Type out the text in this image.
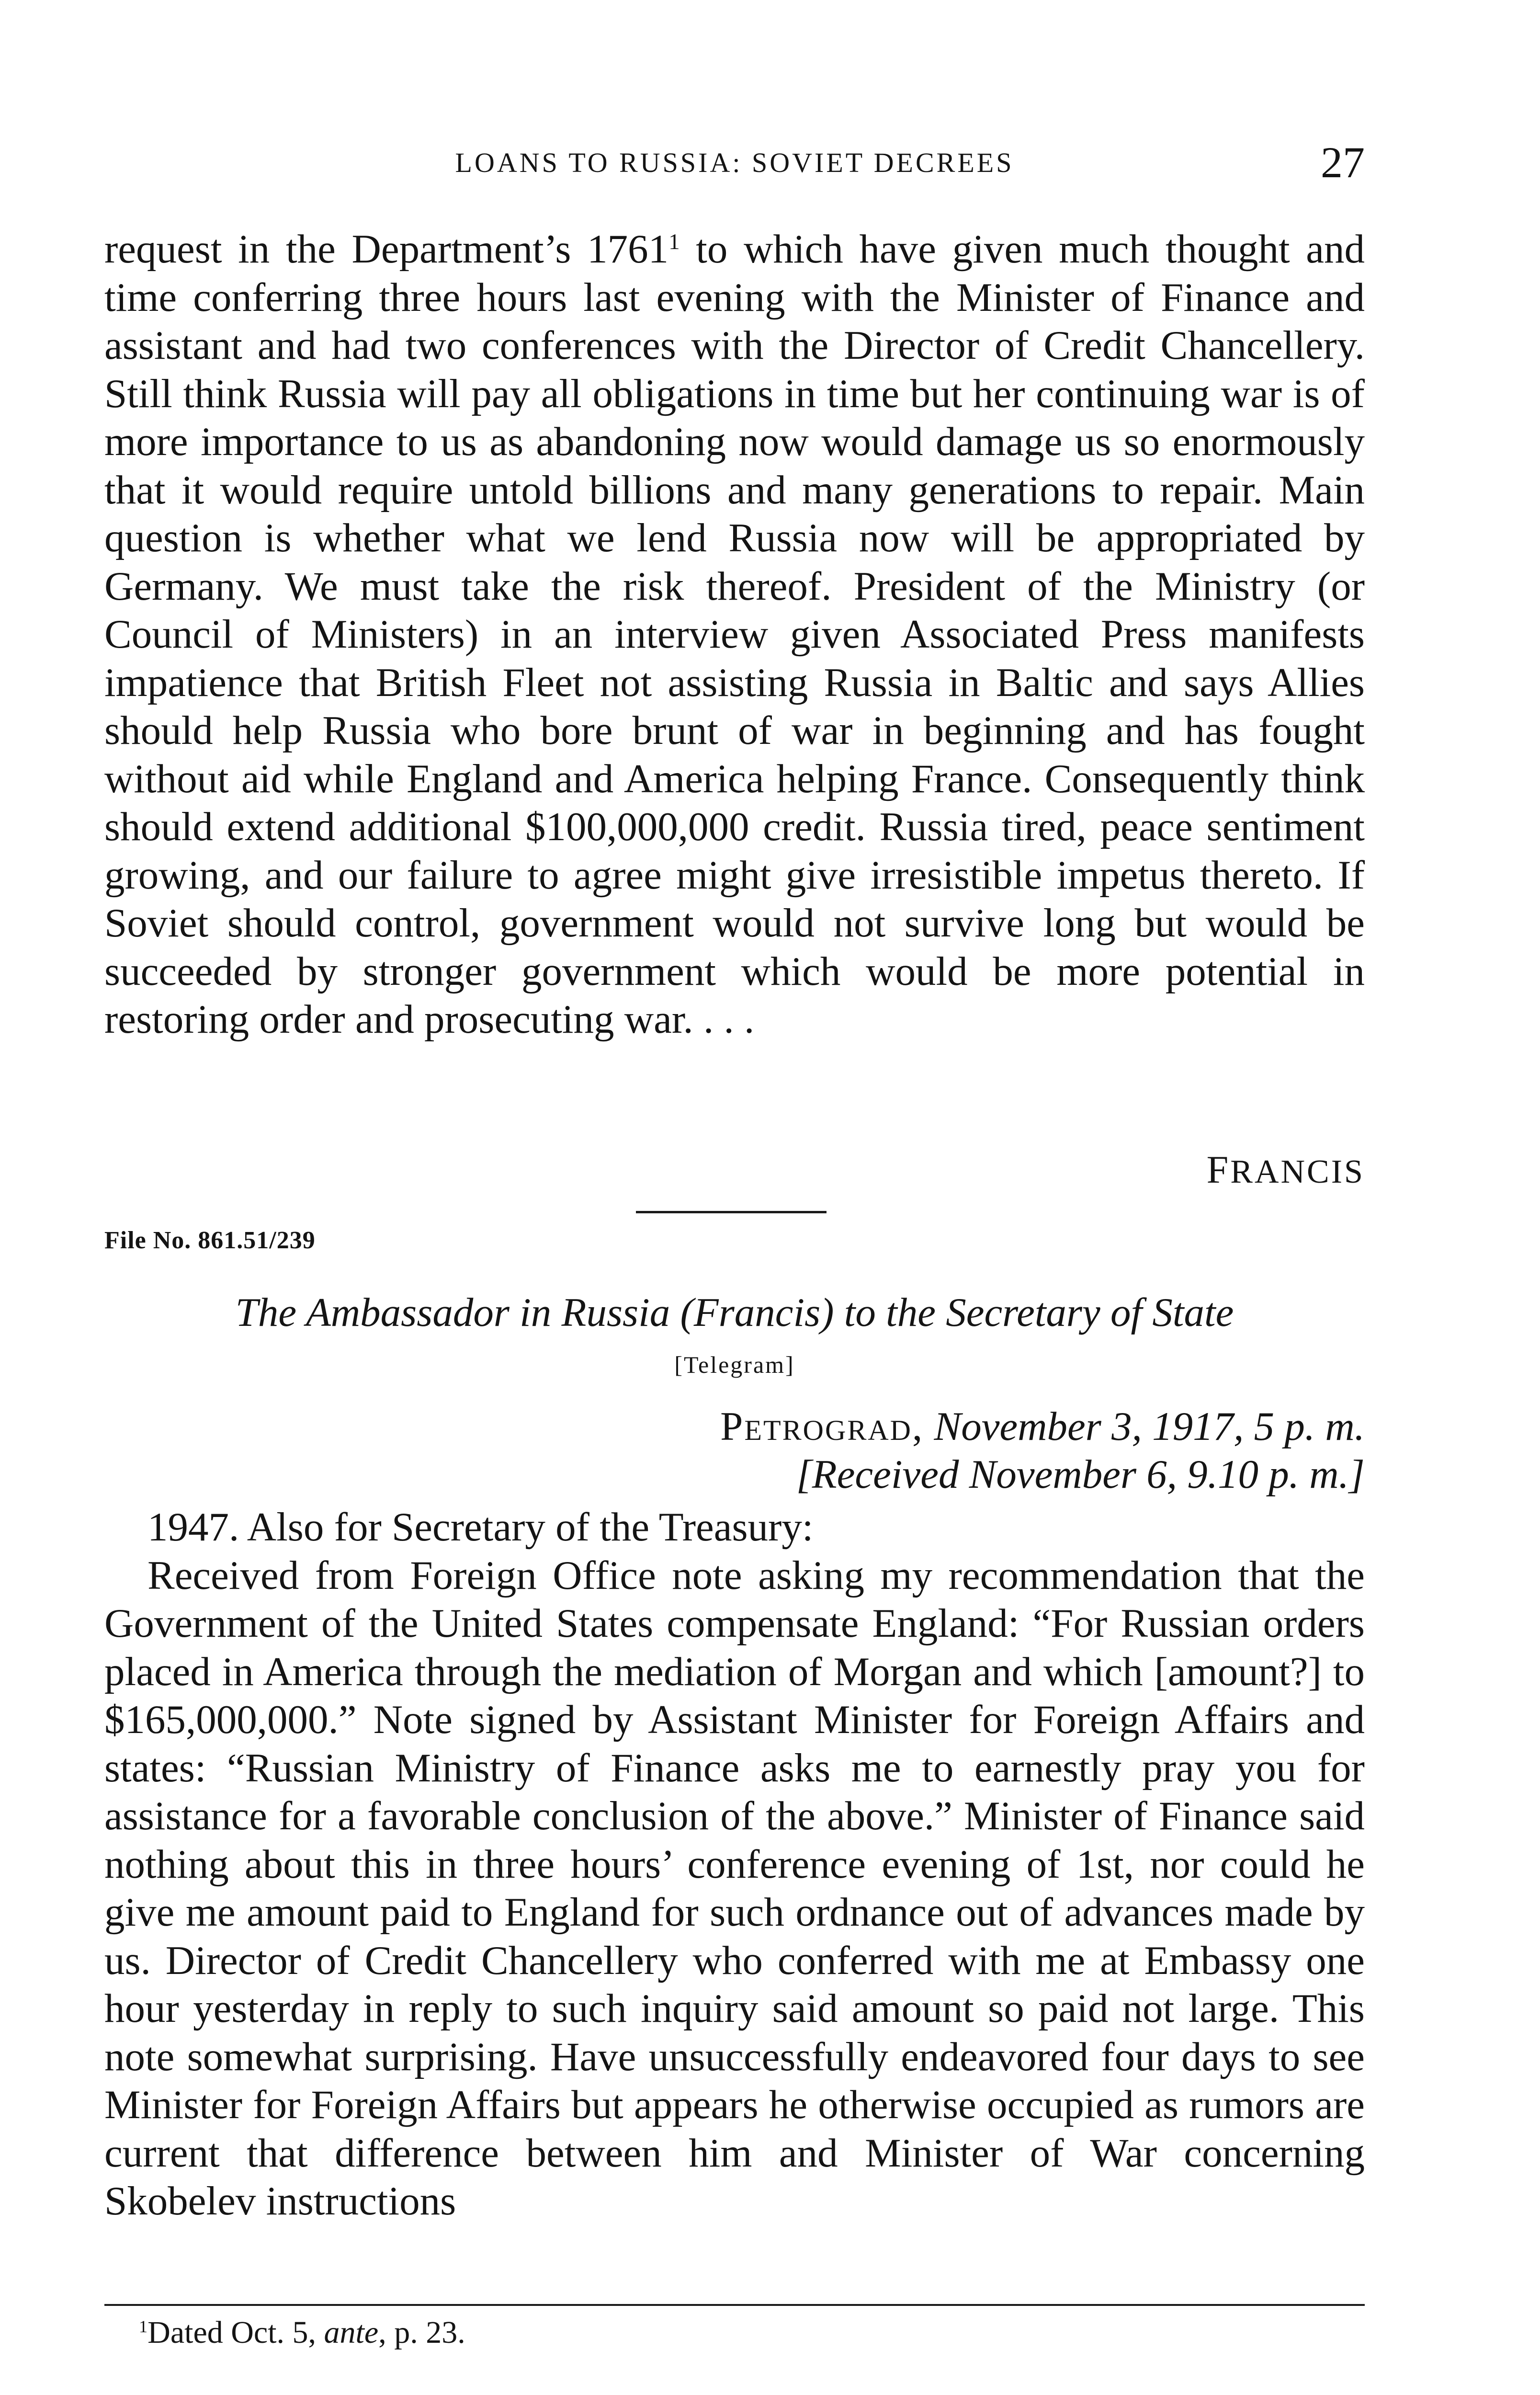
LOANS TO RUSSIA: SOVIET DECREES	27

request in the Department’s 1761$^1$ to which have given much thought and time conferring three hours last evening with the Minister of Finance and assistant and had two conferences with the Director of Credit Chancellery. Still think Russia will pay all obligations in time but her continuing war is of more importance to us as abandoning now would damage us so enormously that it would require untold billions and many generations to repair. Main question is whether what we lend Russia now will be appropriated by Germany. We must take the risk thereof. President of the Ministry (or Council of Ministers) in an interview given Associated Press manifests impatience that British Fleet not assisting Russia in Baltic and says Allies should help Russia who bore brunt of war in beginning and has fought without aid while England and America helping France. Consequently think should extend additional $100,000,000 credit. Russia tired, peace sentiment growing, and our failure to agree might give irresistible impetus thereto. If Soviet should control, government would not survive long but would be succeeded by stronger government which would be more potential in restoring order and prosecuting war. . . .

FRANCIS
File No. 861.51/239
The Ambassador in Russia (Francis) to the Secretary of State
[Telegram]
Petrograd, November 3, 1917, 5 p. m.
[Received November 6, 9.10 p. m.]

1947. Also for Secretary of the Treasury:

Received from Foreign Office note asking my recommendation that the Government of the United States compensate England: “For Russian orders placed in America through the mediation of Morgan and which [amount?] to $165,000,000.” Note signed by Assistant Minister for Foreign Affairs and states: “Russian Ministry of Finance asks me to earnestly pray you for assistance for a favorable conclusion of the above.” Minister of Finance said nothing about this in three hours’ conference evening of 1st, nor could he give me amount paid to England for such ordnance out of advances made by us. Director of Credit Chancellery who conferred with me at Embassy one hour yesterday in reply to such inquiry said amount so paid not large. This note somewhat surprising. Have unsuccessfully endeavored four days to see Minister for Foreign Affairs but appears he otherwise occupied as rumors are current that difference between him and Minister of War concerning Skobelev instructions

$^1$Dated Oct. 5, ante, p. 23.
